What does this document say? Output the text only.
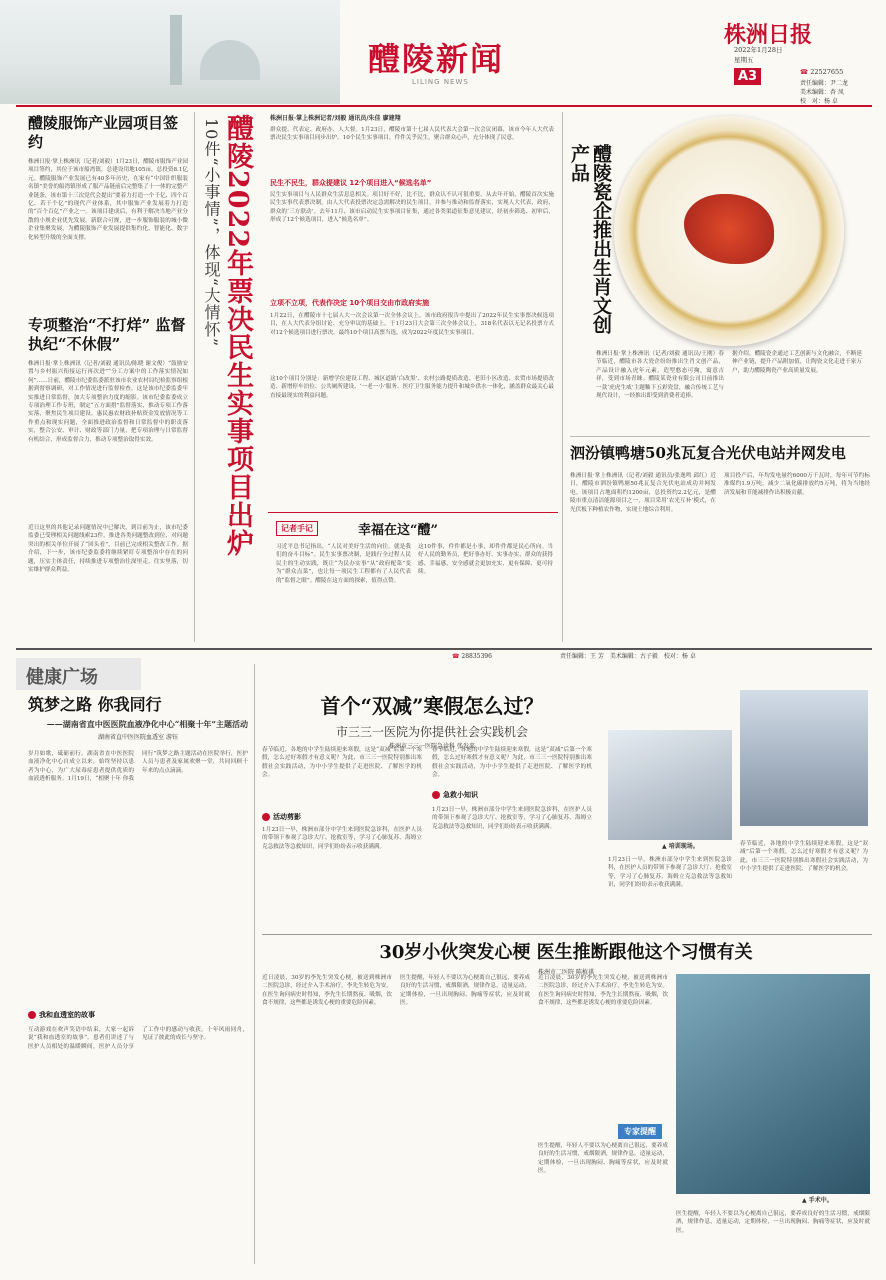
醴陵新闻
LILING NEWS
株洲日报
2022年1月28日
星期五
A3	☎ 22527655
责任编辑：尹二龙
美术编辑：杏 凤
校　对：杨 卓
醴陵服饰产业园项目签约
株洲日报·掌上株洲讯（记者/刘毅）1月23日，醴陵市服饰产业园项目签约，其位于该市船湾镇，总建设用地105亩，总投资8.1亿元。醴陵服饰产业发展已有40多年历史，在家有“中国针织服装名镇”美誉的船湾镇形成了服产品链前后完整集了十一体的完整产业链条，该市第十三次党代会提出“要着力打造一个千亿、四个百亿、若干个亿”的现代产业体系，其中服饰产业发展着力打造的“百个百亿”产业之一。该项目建成后，有利于解决当地产业分散的小规企业优先发展，新联合可规，进一步服饰服装的城小微企业集聚发展，为醴陵服饰产业发展提供集约化、智能化、数字化转型升级的全面支撑。
专项整治“不打烊” 监督执纪“不休假”
株洲日报·掌上株洲讯（记者/刘毅 通讯员/陈晓 谢文俊）“鼓励安置与乡村振兴衔接运行再次进”“分工方案中的工作落实情况如何”……日前，醴陵市纪委监委派驻该市农业农村局纪检监察组根据到督察调研，对工作情况进行监督检查。这是该市纪委监委牢实推进日常监督，加大专项整治力度的缩影。该市纪委监委成立专项治理工作专班，制定“五方面措”监督落实，推动专项工作落实落，聚焦民生项目建设、惠民惠农财政补贴资金发放情况等工作重点和现实问题，全面推进政治监督和日常监督中的职责落实，整合公安、审计、财政等部门力量，把专项治理与日常监督有机结合，形成监督合力，推动专项整治取得实效。
近日这里的其他记录问题情况中已解决。到目前为止，该市纪委监委已受理相关问题线索23件，推进各类问题整改到位，对问题突出的相关单位开展了“回头看”，目前已完成相关整改工作。据介绍，下一步，该市纪委监委将继续紧盯专项整治中存在的问题，压实主体责任，持续推进专项整治往深里走、往实里落，切实维护群众利益。
10件“小事情”，体现“大情怀” 醴陵2022年票决民生实事项目出炉	株洲日报·掌上株洲记者/刘毅 通讯员/朱佳 廖建翔
群众提、代表定、政府办、人大督。1月23日，醴陵市第十七届人民代表大会第一次会议闭幕，该市今年人大代表票决民生实事项目同步出炉。10个民生实事项目，件件关乎民生，聚合群众心声，充分体现了民意。
民生不民生，群众提建议 12个项目进入“候选名单”
民生实事项目与人民群众生活息息相关。项目好不好，比不比，群众认不认可很重要。从去年开始，醴陵首次实施民生实事代表票决制，由人大代表投票决定急需解决的民生项目，并参与推动和监督落实，实现人大代表、政府、群众的‘三方联动’。去年11月，该市启动民生实事项目征集，通过各类渠道征集意见建议，经初步筛选、初审后，形成了12个候选项目，进入“候选名单”。
立项不立项，代表作决定 10个项目交由市政府实施
1月22日，在醴陵市十七届人大一次会议第一次全体会议上，该市政府报告中提出了2022年民生实事票决候选项目，在人大代表分组讨论、充分审议的基础上，于1月23日大会第三次全体会议上，318名代表以无记名投票方式对12个候选项目进行票决，最终10个项目高票当选，成为2022年度民生实事项目。
这10个项目分别是：新增学位建设工程、城区道路‘白改黑’、农村公路提质改造、老旧小区改造、农贸市场提质改造、新增停车泊位、公共厕所建设、‘一老一小’服务、医疗卫生服务能力提升和城乡供水一体化，涵盖群众最关心最直接最现实的利益问题。
记者手记	幸福在这“醴”
习近平总书记指出，“人民对美好生活的向往，就是我们的奋斗目标”。民生实事票决制，是践行全过程人民民主的生动实践，既让“为民办实事”从“政府配菜”变为“群众点菜”，也让每一项民生工程都有了人民代表的“监督之眼”。醴陵在这方面的探索，值得点赞。
这10件事，件件都是小事，却件件都是民心所向。当好人民的勤务员，把好事办好、实事办实，群众的获得感、幸福感、安全感就会更加充实、更有保障、更可持续。
醴陵瓷企推出生肖文创产品
株洲日报·掌上株洲讯（记者/刘毅 通讯员/王刚）春节临近，醴陵市各大瓷企纷纷推出生肖文创产品，产品设计融入虎年元素，造型憨态可掬，寓意吉祥，受到市场青睐。醴陵某瓷业有限公司日前推出一款‘虎虎生威’主题釉下五彩瓷盘，融合传统工艺与现代设计，一经推出即受到消费者追捧。
据介绍，醴陵瓷企通过工艺创新与文化融合，不断延伸产业链，提升产品附加值，让陶瓷文化走进千家万户，助力醴陵陶瓷产业高质量发展。
泗汾镇鸭塘50兆瓦复合光伏电站并网发电
株洲日报·掌上株洲讯（记者/刘毅 通讯员/张逸鸣 邱红）近日，醴陵市泗汾镇鸭塘50兆瓦复合光伏电站成功并网发电。该项目占地面积约1200亩，总投资约2.2亿元，是醴陵市重点清洁能源项目之一，项目采用‘农光互补’模式，在光伏板下种植农作物，实现土地综合利用。
项目投产后，年均发电量约6000万千瓦时，每年可节约标准煤约1.9万吨，减少二氧化碳排放约5万吨，将为当地经济发展和节能减排作出积极贡献。
☎ 28835396	责任编辑：王 芳　美术编辑：古子毅　校对：杨 卓
健康广场
筑梦之路 你我同行
——湖南省直中医医院血液净化中心“相聚十年”主题活动
湖南省直中医医院血透室 游钰
岁月如歌，砥砺前行。湖南省直中医医院血液净化中心自成立以来，始终坚持以患者为中心，为广大尿毒症患者提供优质的血液透析服务。1月19日，“相聚十年 你我同行”筑梦之路主题活动在医院举行，医护人员与患者及家属欢聚一堂，共同回顾十年来的点点滴滴。
我和血透室的故事
互动游戏在欢声笑语中结束，大家一起诉说“我和血透室的故事”。患者们讲述了与医护人员相处的温暖瞬间，医护人员分享了工作中的感动与收获。十年风雨同舟，见证了彼此的成长与坚守。
首个“双减”寒假怎么过？
市三三一医院为你提供社会实践机会
株洲市三三一医院急诊科 张发来
春节临近，各地的中学生陆续迎来寒假，这是“双减”后第一个寒假，怎么过好寒假才有意义呢？为此，市三三一医院特别推出寒假社会实践活动，为中小学生提供了走进医院、了解医学的机会。
活动剪影
1月23日一早，株洲市部分中学生来到医院急诊科，在医护人员的带领下参观了急诊大厅、抢救室等，学习了心肺复苏、海姆立克急救法等急救知识，同学们纷纷表示收获满满。
急救小知识
春节临近，各地的中学生陆续迎来寒假，这是“双减”后第一个寒假，怎么过好寒假才有意义呢？为此，市三三一医院特别推出寒假社会实践活动，为中小学生提供了走进医院、了解医学的机会。
1月23日一早，株洲市部分中学生来到医院急诊科，在医护人员的带领下参观了急诊大厅、抢救室等，学习了心肺复苏、海姆立克急救法等急救知识，同学们纷纷表示收获满满。
▲ 培训现场。
1月23日一早，株洲市部分中学生来到医院急诊科，在医护人员的带领下参观了急诊大厅、抢救室等，学习了心肺复苏、海姆立克急救法等急救知识，同学们纷纷表示收获满满。
春节临近，各地的中学生陆续迎来寒假，这是“双减”后第一个寒假，怎么过好寒假才有意义呢？为此，市三三一医院特别推出寒假社会实践活动，为中小学生提供了走进医院、了解医学的机会。
30岁小伙突发心梗 医生推断跟他这个习惯有关
株洲市二医院 陈植祺
近日凌晨，30岁的李先生突发心梗，被送到株洲市二医院急诊，经过介入手术治疗，李先生转危为安。在医生询问病史时得知，李先生长期熬夜、吸烟，饮食不规律，这些都是诱发心梗的重要危险因素。
医生提醒，年轻人不要以为心梗离自己很远，要养成良好的生活习惯，戒烟限酒，规律作息，适量运动，定期体检，一旦出现胸闷、胸痛等症状，应及时就医。
近日凌晨，30岁的李先生突发心梗，被送到株洲市二医院急诊，经过介入手术治疗，李先生转危为安。在医生询问病史时得知，李先生长期熬夜、吸烟，饮食不规律，这些都是诱发心梗的重要危险因素。
专家提醒
医生提醒，年轻人不要以为心梗离自己很远，要养成良好的生活习惯，戒烟限酒，规律作息，适量运动，定期体检，一旦出现胸闷、胸痛等症状，应及时就医。
▲ 手术中。
医生提醒，年轻人不要以为心梗离自己很远，要养成良好的生活习惯，戒烟限酒，规律作息，适量运动，定期体检，一旦出现胸闷、胸痛等症状，应及时就医。
